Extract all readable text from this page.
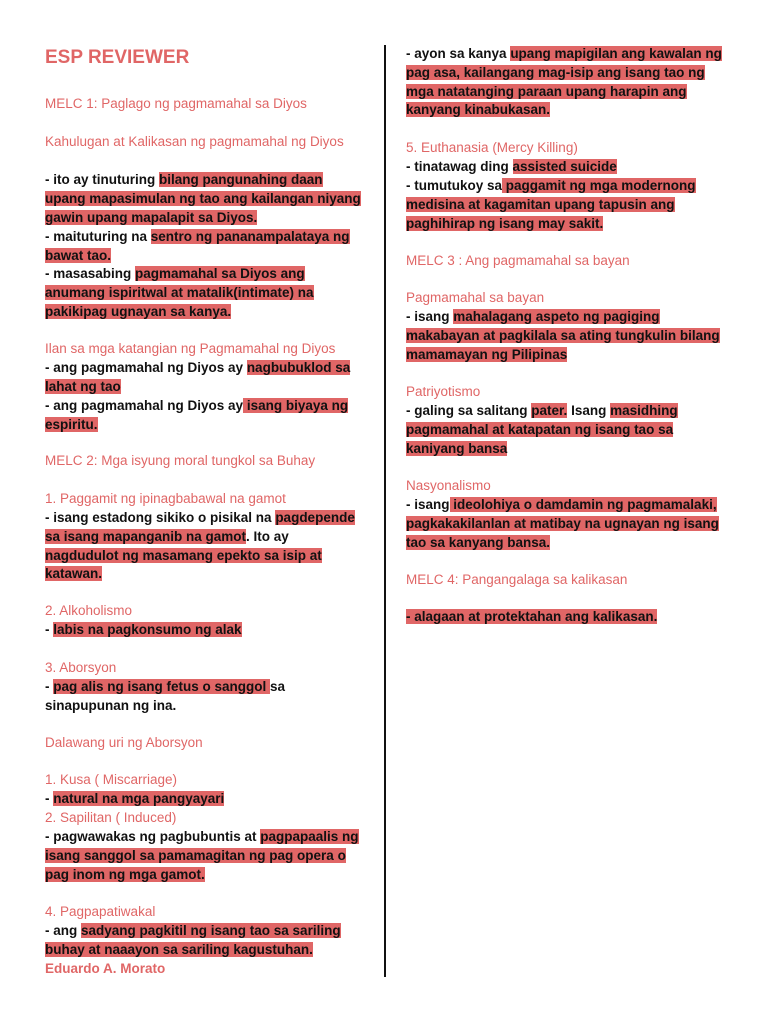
ESP REVIEWER

MELC 1: Paglago ng pagmamahal sa Diyos

Kahulugan at Kalikasan ng pagmamahal ng Diyos

- ito ay tinuturing bilang pangunahing daan upang mapasimulan ng tao ang kailangan niyang gawin upang mapalapit sa Diyos.

- maituturing na sentro ng pananampalataya ng bawat tao.

- masasabing pagmamahal sa Diyos ang anumang ispiritwal at matalik(intimate) na pakikipag ugnayan sa kanya.

Ilan sa mga katangian ng Pagmamahal ng Diyos

- ang pagmamahal ng Diyos ay nagbubuklod sa lahat ng tao

- ang pagmamahal ng Diyos ay isang biyaya ng espiritu.

MELC 2: Mga isyung moral tungkol sa Buhay

1. Paggamit ng ipinagbabawal na gamot

- isang estadong sikiko o pisikal na pagdepende sa isang mapanganib na gamot. Ito ay nagdudulot ng masamang epekto sa isip at katawan.

2. Alkoholismo

- labis na pagkonsumo ng alak

3. Aborsyon

- pag alis ng isang fetus o sanggol sa sinapupunan ng ina.

Dalawang uri ng Aborsyon

1. Kusa ( Miscarriage)

- natural na mga pangyayari

2. Sapilitan ( Induced)

- pagwawakas ng pagbubuntis at pagpapaalis ng isang sanggol sa pamamagitan ng pag opera o pag inom ng mga gamot.

4. Pagpapatiwakal

- ang sadyang pagkitil ng isang tao sa sariling buhay at naaayon sa sariling kagustuhan.

Eduardo A. Morato

- ayon sa kanya upang mapigilan ang kawalan ng pag asa, kailangang mag-isip ang isang tao ng mga natatanging paraan upang harapin ang kanyang kinabukasan.

5. Euthanasia (Mercy Killing)

- tinatawag ding assisted suicide

- tumutukoy sa paggamit ng mga modernong medisina at kagamitan upang tapusin ang paghihirap ng isang may sakit.

MELC 3 : Ang pagmamahal sa bayan

Pagmamahal sa bayan

- isang mahalagang aspeto ng pagiging makabayan at pagkilala sa ating tungkulin bilang mamamayan ng Pilipinas

Patriyotismo

- galing sa salitang pater. Isang masidhing pagmamahal at katapatan ng isang tao sa kaniyang bansa

Nasyonalismo

- isang ideolohiya o damdamin ng pagmamalaki, pagkakakilanlan at matibay na ugnayan ng isang tao sa kanyang bansa.

MELC 4: Pangangalaga sa kalikasan

- alagaan at protektahan ang kalikasan.
